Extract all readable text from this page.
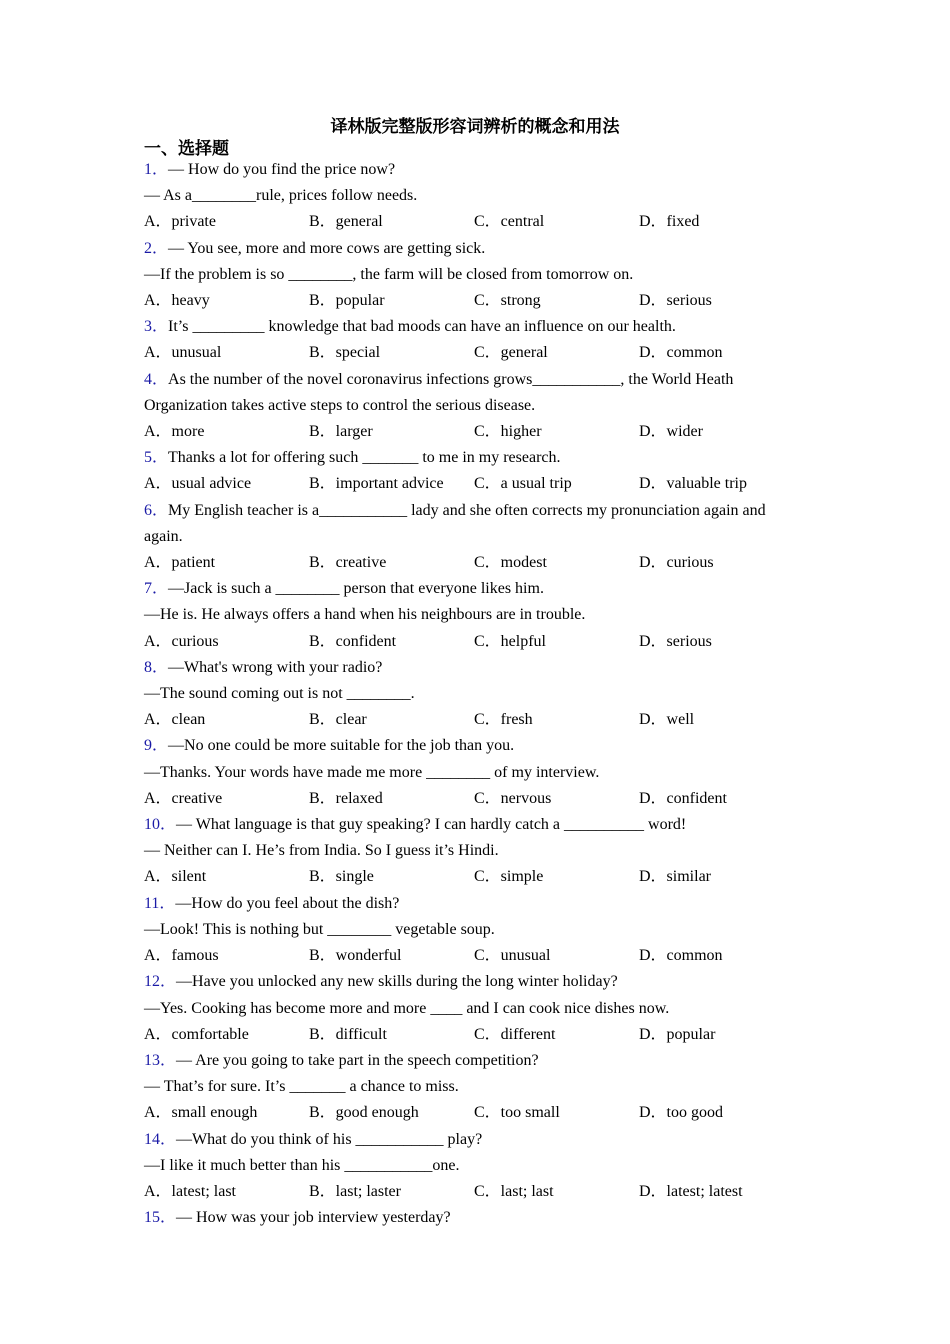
译林版完整版形容词辨析的概念和用法
一、选择题
1．— How do you find the price now?
— As a________rule, prices follow needs.
A．private	B．general	C．central	D．fixed
2．— You see, more and more cows are getting sick.
—If the problem is so ________, the farm will be closed from tomorrow on.
A．heavy	B．popular	C．strong	D．serious
3．It’s _________ knowledge that bad moods can have an influence on our health.
A．unusual	B．special	C．general	D．common
4．As the number of the novel coronavirus infections grows___________, the World Heath
Organization takes active steps to control the serious disease.
A．more	B．larger	C．higher	D．wider
5．Thanks a lot for offering such _______ to me in my research.
A．usual advice	B．important advice	C．a usual trip	D．valuable trip
6．My English teacher is a___________ lady and she often corrects my pronunciation again and
again.
A．patient	B．creative	C．modest	D．curious
7．—Jack is such a ________ person that everyone likes him.
—He is. He always offers a hand when his neighbours are in trouble.
A．curious	B．confident	C．helpful	D．serious
8．—What's wrong with your radio?
—The sound coming out is not ________.
A．clean	B．clear	C．fresh	D．well
9．—No one could be more suitable for the job than you.
—Thanks. Your words have made me more ________ of my interview.
A．creative	B．relaxed	C．nervous	D．confident
10．— What language is that guy speaking? I can hardly catch a __________ word!
— Neither can I. He’s from India. So I guess it’s Hindi.
A．silent	B．single	C．simple	D．similar
11．—How do you feel about the dish?
—Look! This is nothing but ________ vegetable soup.
A．famous	B．wonderful	C．unusual	D．common
12．—Have you unlocked any new skills during the long winter holiday?
—Yes. Cooking has become more and more ____ and I can cook nice dishes now.
A．comfortable	B．difficult	C．different	D．popular
13．— Are you going to take part in the speech competition?
— That’s for sure. It’s _______ a chance to miss.
A．small enough	B．good enough	C．too small	D．too good
14．—What do you think of his ___________ play?
—I like it much better than his ___________one.
A．latest; last	B．last; laster	C．last; last	D．latest; latest
15．— How was your job interview yesterday?
